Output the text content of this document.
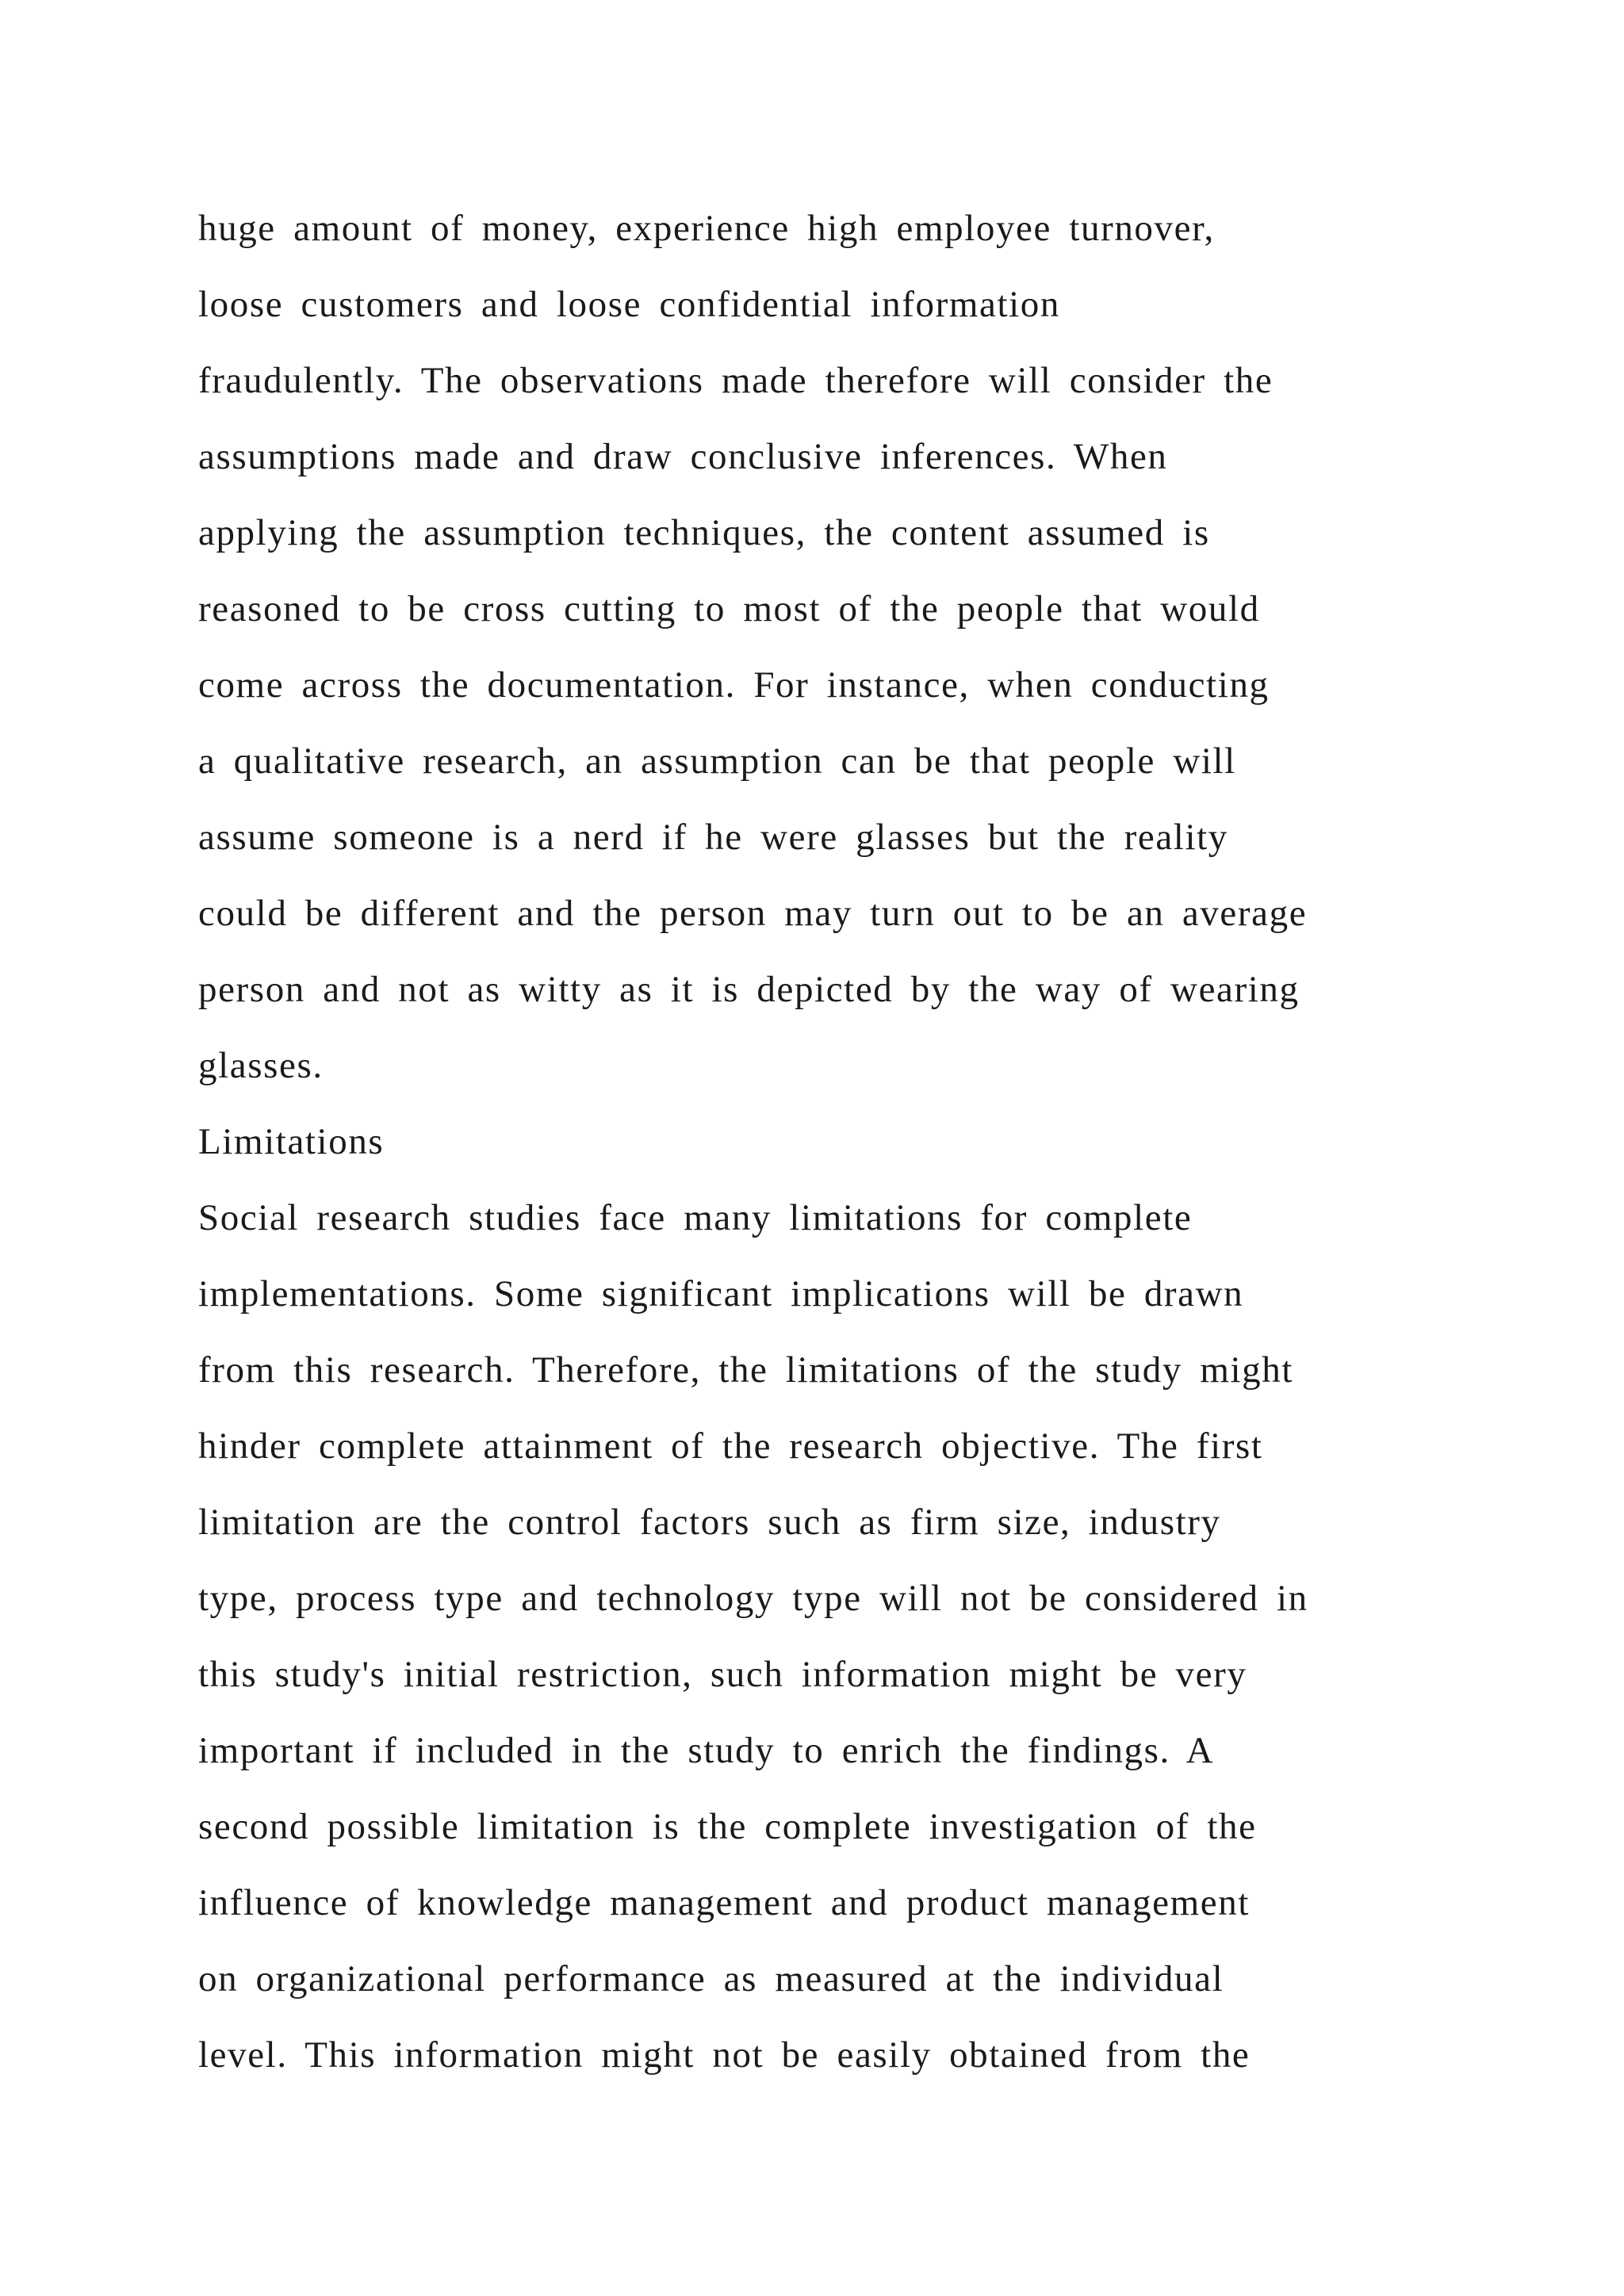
huge amount of money, experience high employee turnover,
loose customers and loose confidential information
fraudulently. The observations made therefore will consider the
assumptions made and draw conclusive inferences. When
applying the assumption techniques, the content assumed is
reasoned to be cross cutting to most of the people that would
come across the documentation. For instance, when conducting
a qualitative research, an assumption can be that people will
assume someone is a nerd if he were glasses but the reality
could be different and the person may turn out to be an average
person and not as witty as it is depicted by the way of wearing
glasses.
Limitations
Social research studies face many limitations for complete
implementations. Some significant implications will be drawn
from this research. Therefore, the limitations of the study might
hinder complete attainment of the research objective. The first
limitation are the control factors such as firm size, industry
type, process type and technology type will not be considered in
this study's initial restriction, such information might be very
important if included in the study to enrich the findings. A
second possible limitation is the complete investigation of the
influence of knowledge management and product management
on organizational performance as measured at the individual
level. This information might not be easily obtained from the
